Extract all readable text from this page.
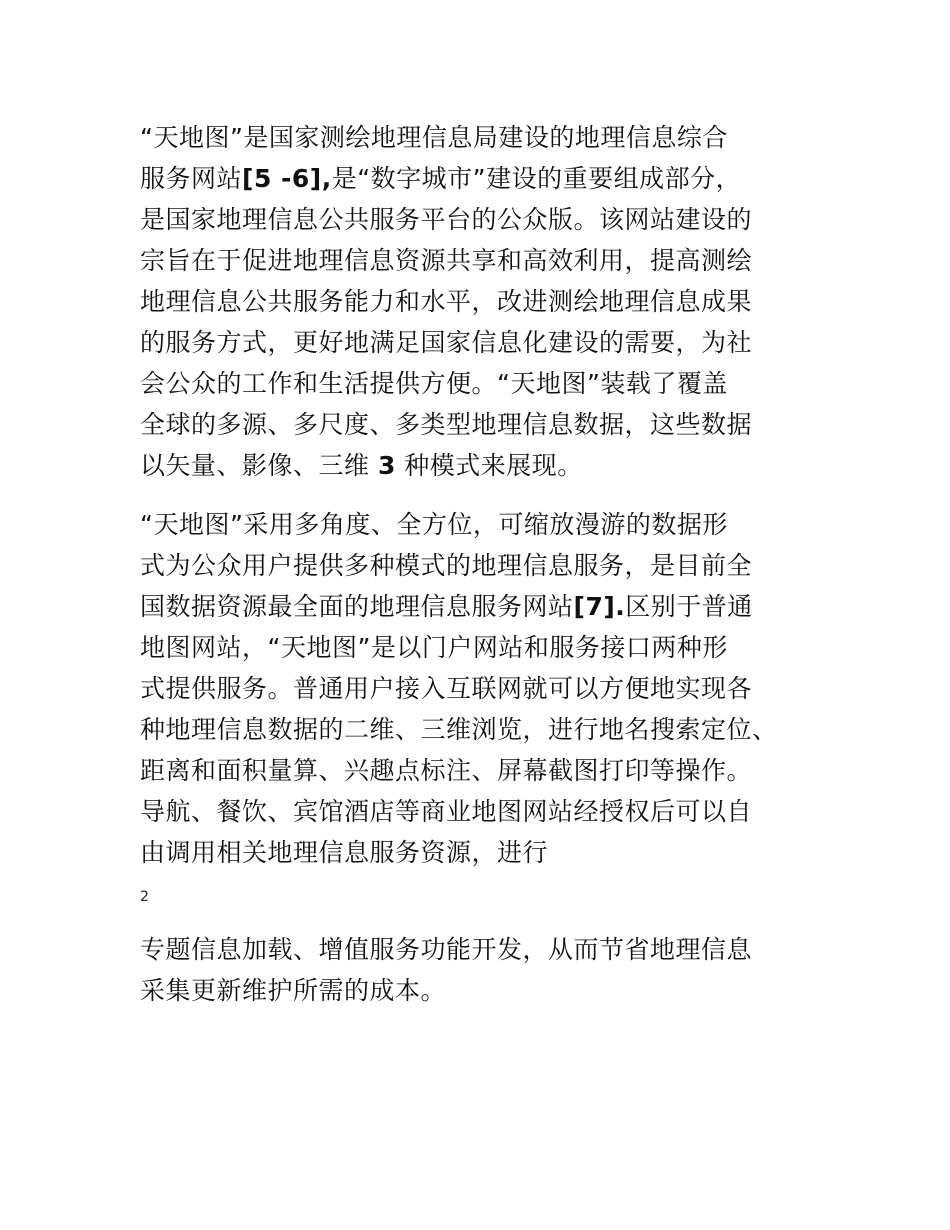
“天地图”是国家测绘地理信息局建设的地理信息综合
服务网站[5 -6],是“数字城市”建设的重要组成部分，
是国家地理信息公共服务平台的公众版。该网站建设的
宗旨在于促进地理信息资源共享和高效利用，提高测绘
地理信息公共服务能力和水平，改进测绘地理信息成果
的服务方式，更好地满足国家信息化建设的需要，为社
会公众的工作和生活提供方便。“天地图”装载了覆盖
全球的多源、多尺度、多类型地理信息数据，这些数据
以矢量、影像、三维 3 种模式来展现。
“天地图”采用多角度、全方位，可缩放漫游的数据形
式为公众用户提供多种模式的地理信息服务，是目前全
国数据资源最全面的地理信息服务网站[7].区别于普通
地图网站，“天地图”是以门户网站和服务接口两种形
式提供服务。普通用户接入互联网就可以方便地实现各
种地理信息数据的二维、三维浏览，进行地名搜索定位、
距离和面积量算、兴趣点标注、屏幕截图打印等操作。
导航、餐饮、宾馆酒店等商业地图网站经授权后可以自
由调用相关地理信息服务资源，进行
2
专题信息加载、增值服务功能开发，从而节省地理信息
采集更新维护所需的成本。
